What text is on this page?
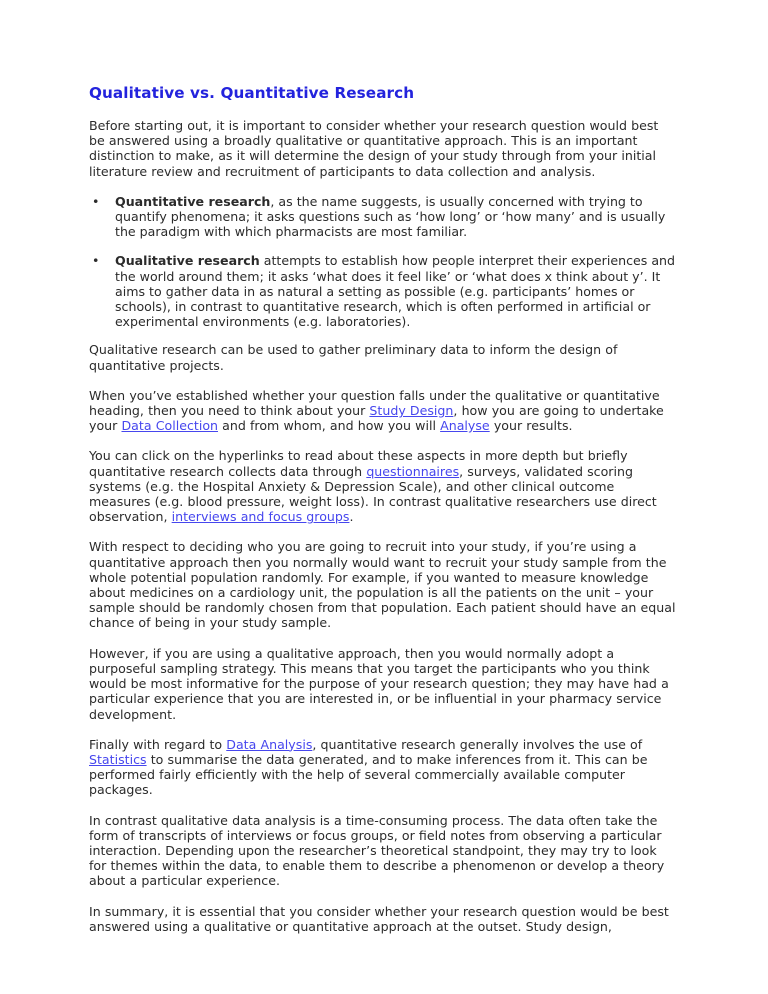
Qualitative vs. Quantitative Research

Before starting out, it is important to consider whether your research question would best be answered using a broadly qualitative or quantitative approach. This is an important distinction to make, as it will determine the design of your study through from your initial literature review and recruitment of participants to data collection and analysis.

• Quantitative research, as the name suggests, is usually concerned with trying to quantify phenomena; it asks questions such as ‘how long’ or ‘how many’ and is usually the paradigm with which pharmacists are most familiar.
• Qualitative research attempts to establish how people interpret their experiences and the world around them; it asks ‘what does it feel like’ or ‘what does x think about y’. It aims to gather data in as natural a setting as possible (e.g. participants’ homes or schools), in contrast to quantitative research, which is often performed in artificial or experimental environments (e.g. laboratories).

Qualitative research can be used to gather preliminary data to inform the design of quantitative projects.

When you’ve established whether your question falls under the qualitative or quantitative heading, then you need to think about your Study Design, how you are going to undertake your Data Collection and from whom, and how you will Analyse your results.

You can click on the hyperlinks to read about these aspects in more depth but briefly quantitative research collects data through questionnaires, surveys, validated scoring systems (e.g. the Hospital Anxiety & Depression Scale), and other clinical outcome measures (e.g. blood pressure, weight loss). In contrast qualitative researchers use direct observation, interviews and focus groups.

With respect to deciding who you are going to recruit into your study, if you’re using a quantitative approach then you normally would want to recruit your study sample from the whole potential population randomly. For example, if you wanted to measure knowledge about medicines on a cardiology unit, the population is all the patients on the unit – your sample should be randomly chosen from that population. Each patient should have an equal chance of being in your study sample.

However, if you are using a qualitative approach, then you would normally adopt a purposeful sampling strategy. This means that you target the participants who you think would be most informative for the purpose of your research question; they may have had a particular experience that you are interested in, or be influential in your pharmacy service development.

Finally with regard to Data Analysis, quantitative research generally involves the use of Statistics to summarise the data generated, and to make inferences from it. This can be performed fairly efficiently with the help of several commercially available computer packages.

In contrast qualitative data analysis is a time-consuming process. The data often take the form of transcripts of interviews or focus groups, or field notes from observing a particular interaction. Depending upon the researcher’s theoretical standpoint, they may try to look for themes within the data, to enable them to describe a phenomenon or develop a theory about a particular experience.

In summary, it is essential that you consider whether your research question would be best answered using a qualitative or quantitative approach at the outset. Study design,
